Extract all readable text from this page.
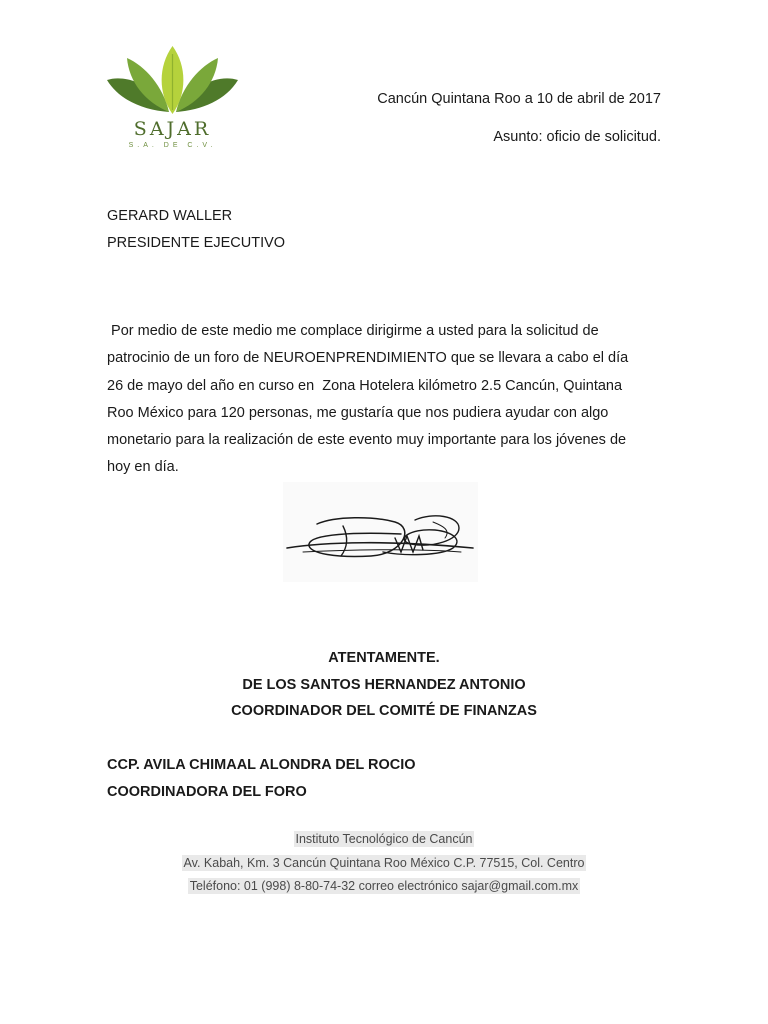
SAJAR
S.A. DE C.V.
Cancún Quintana Roo a 10 de abril de 2017
Asunto: oficio de solicitud.
GERARD WALLER
PRESIDENTE EJECUTIVO
Por medio de este medio me complace dirigirme a usted para la solicitud de
patrocinio de un foro de NEUROENPRENDIMIENTO que se llevara a cabo el día
26 de mayo del año en curso en  Zona Hotelera kilómetro 2.5 Cancún, Quintana
Roo México para 120 personas, me gustaría que nos pudiera ayudar con algo
monetario para la realización de este evento muy importante para los jóvenes de
hoy en día.
ATENTAMENTE.
DE LOS SANTOS HERNANDEZ ANTONIO
COORDINADOR DEL COMITÉ DE FINANZAS
CCP. AVILA CHIMAAL ALONDRA DEL ROCIO
COORDINADORA DEL FORO
Instituto Tecnológico de Cancún
Av. Kabah, Km. 3 Cancún Quintana Roo México C.P. 77515, Col. Centro
Teléfono: 01 (998) 8-80-74-32 correo electrónico sajar@gmail.com.mx
